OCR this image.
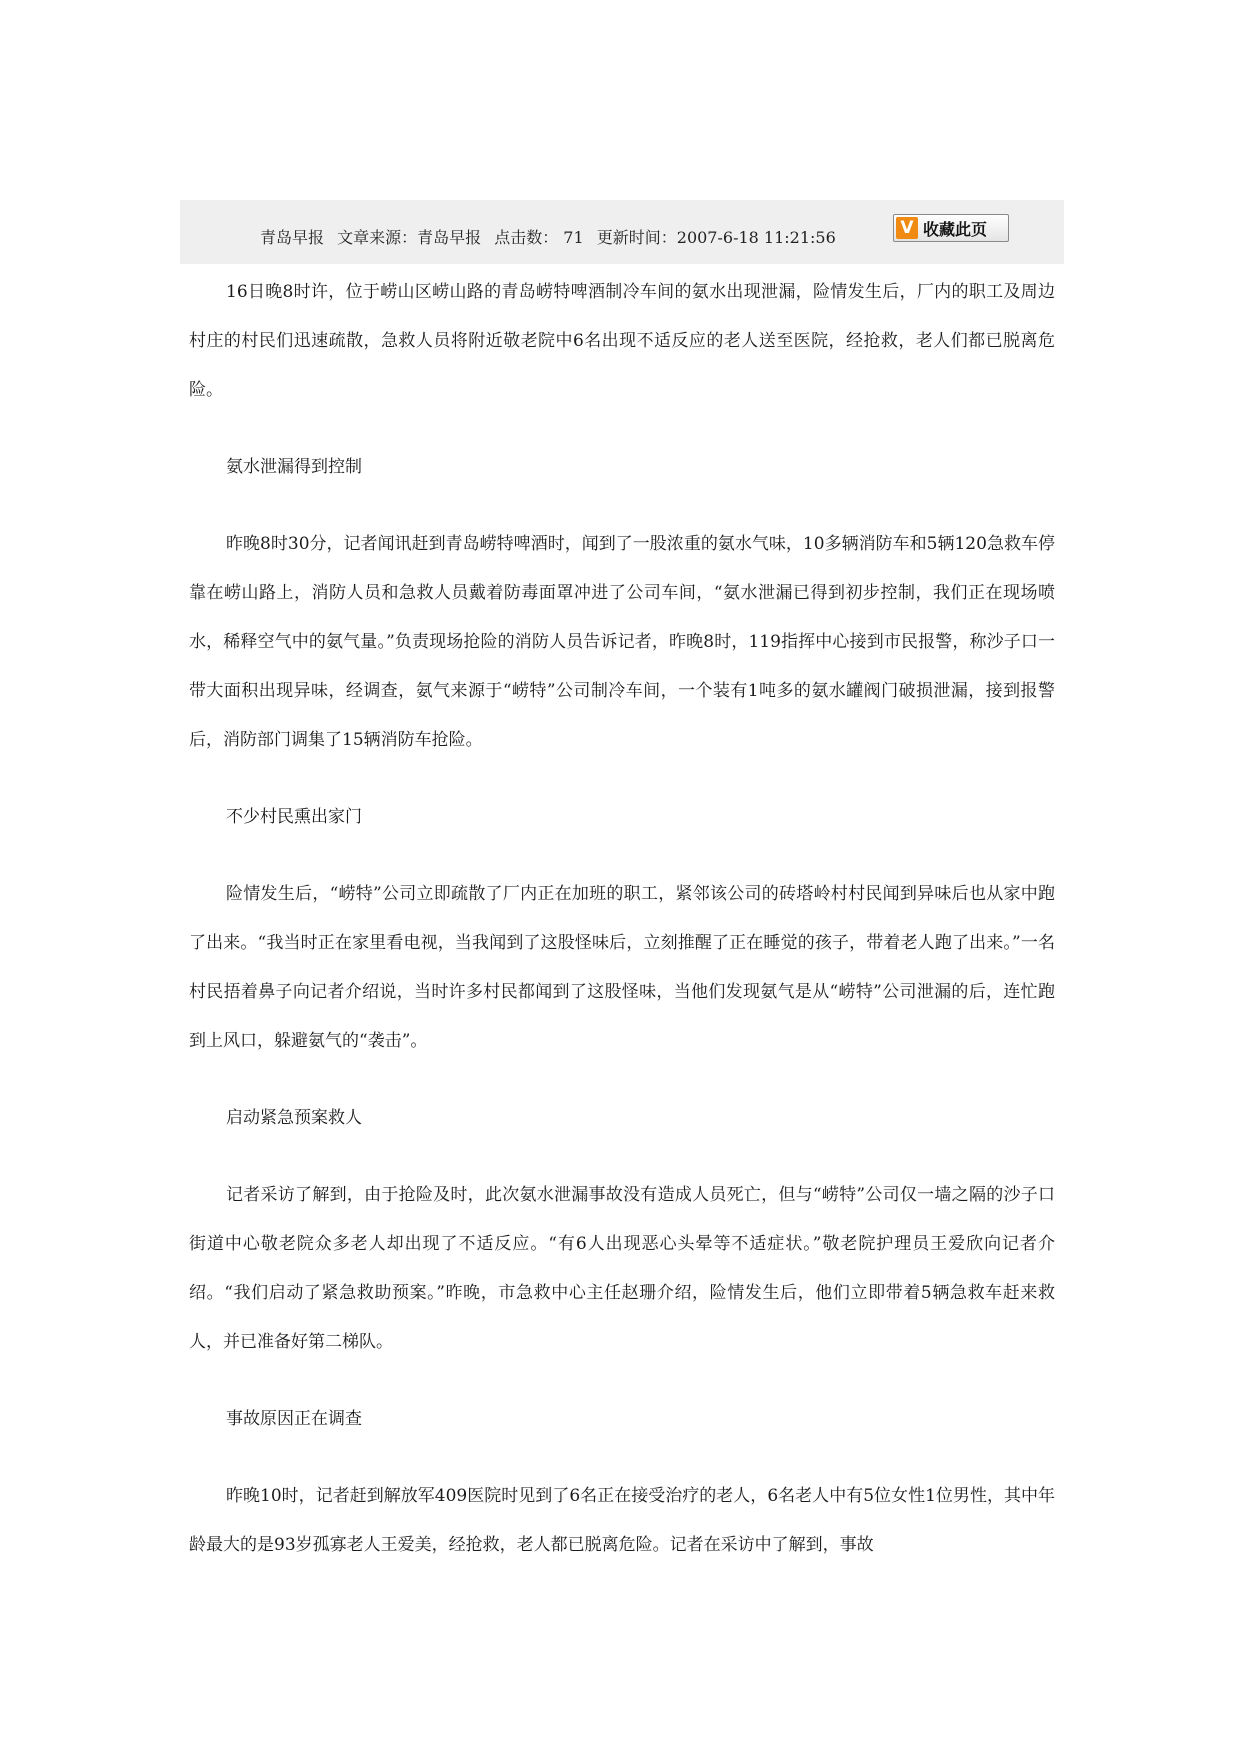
青岛早报 文章来源：青岛早报 点击数： 71 更新时间：2007-6-18 11:21:56	V 收藏此页

16日晚8时许，位于崂山区崂山路的青岛崂特啤酒制冷车间的氨水出现泄漏，险情发生后，厂内的职工及周边村庄的村民们迅速疏散，急救人员将附近敬老院中6名出现不适反应的老人送至医院，经抢救，老人们都已脱离危险。

氨水泄漏得到控制

昨晚8时30分，记者闻讯赶到青岛崂特啤酒时，闻到了一股浓重的氨水气味，10多辆消防车和5辆120急救车停靠在崂山路上，消防人员和急救人员戴着防毒面罩冲进了公司车间，“氨水泄漏已得到初步控制，我们正在现场喷水，稀释空气中的氨气量。”负责现场抢险的消防人员告诉记者，昨晚8时，119指挥中心接到市民报警，称沙子口一带大面积出现异味，经调查，氨气来源于“崂特”公司制冷车间，一个装有1吨多的氨水罐阀门破损泄漏，接到报警后，消防部门调集了15辆消防车抢险。

不少村民熏出家门

险情发生后，“崂特”公司立即疏散了厂内正在加班的职工，紧邻该公司的砖塔岭村村民闻到异味后也从家中跑了出来。“我当时正在家里看电视，当我闻到了这股怪味后，立刻推醒了正在睡觉的孩子，带着老人跑了出来。”一名村民捂着鼻子向记者介绍说，当时许多村民都闻到了这股怪味，当他们发现氨气是从“崂特”公司泄漏的后，连忙跑到上风口，躲避氨气的“袭击”。

启动紧急预案救人

记者采访了解到，由于抢险及时，此次氨水泄漏事故没有造成人员死亡，但与“崂特”公司仅一墙之隔的沙子口街道中心敬老院众多老人却出现了不适反应。“有6人出现恶心头晕等不适症状。”敬老院护理员王爱欣向记者介绍。“我们启动了紧急救助预案。”昨晚，市急救中心主任赵珊介绍，险情发生后，他们立即带着5辆急救车赶来救人，并已准备好第二梯队。

事故原因正在调查

昨晚10时，记者赶到解放军409医院时见到了6名正在接受治疗的老人，6名老人中有5位女性1位男性，其中年龄最大的是93岁孤寡老人王爱美，经抢救，老人都已脱离危险。记者在采访中了解到，事故
